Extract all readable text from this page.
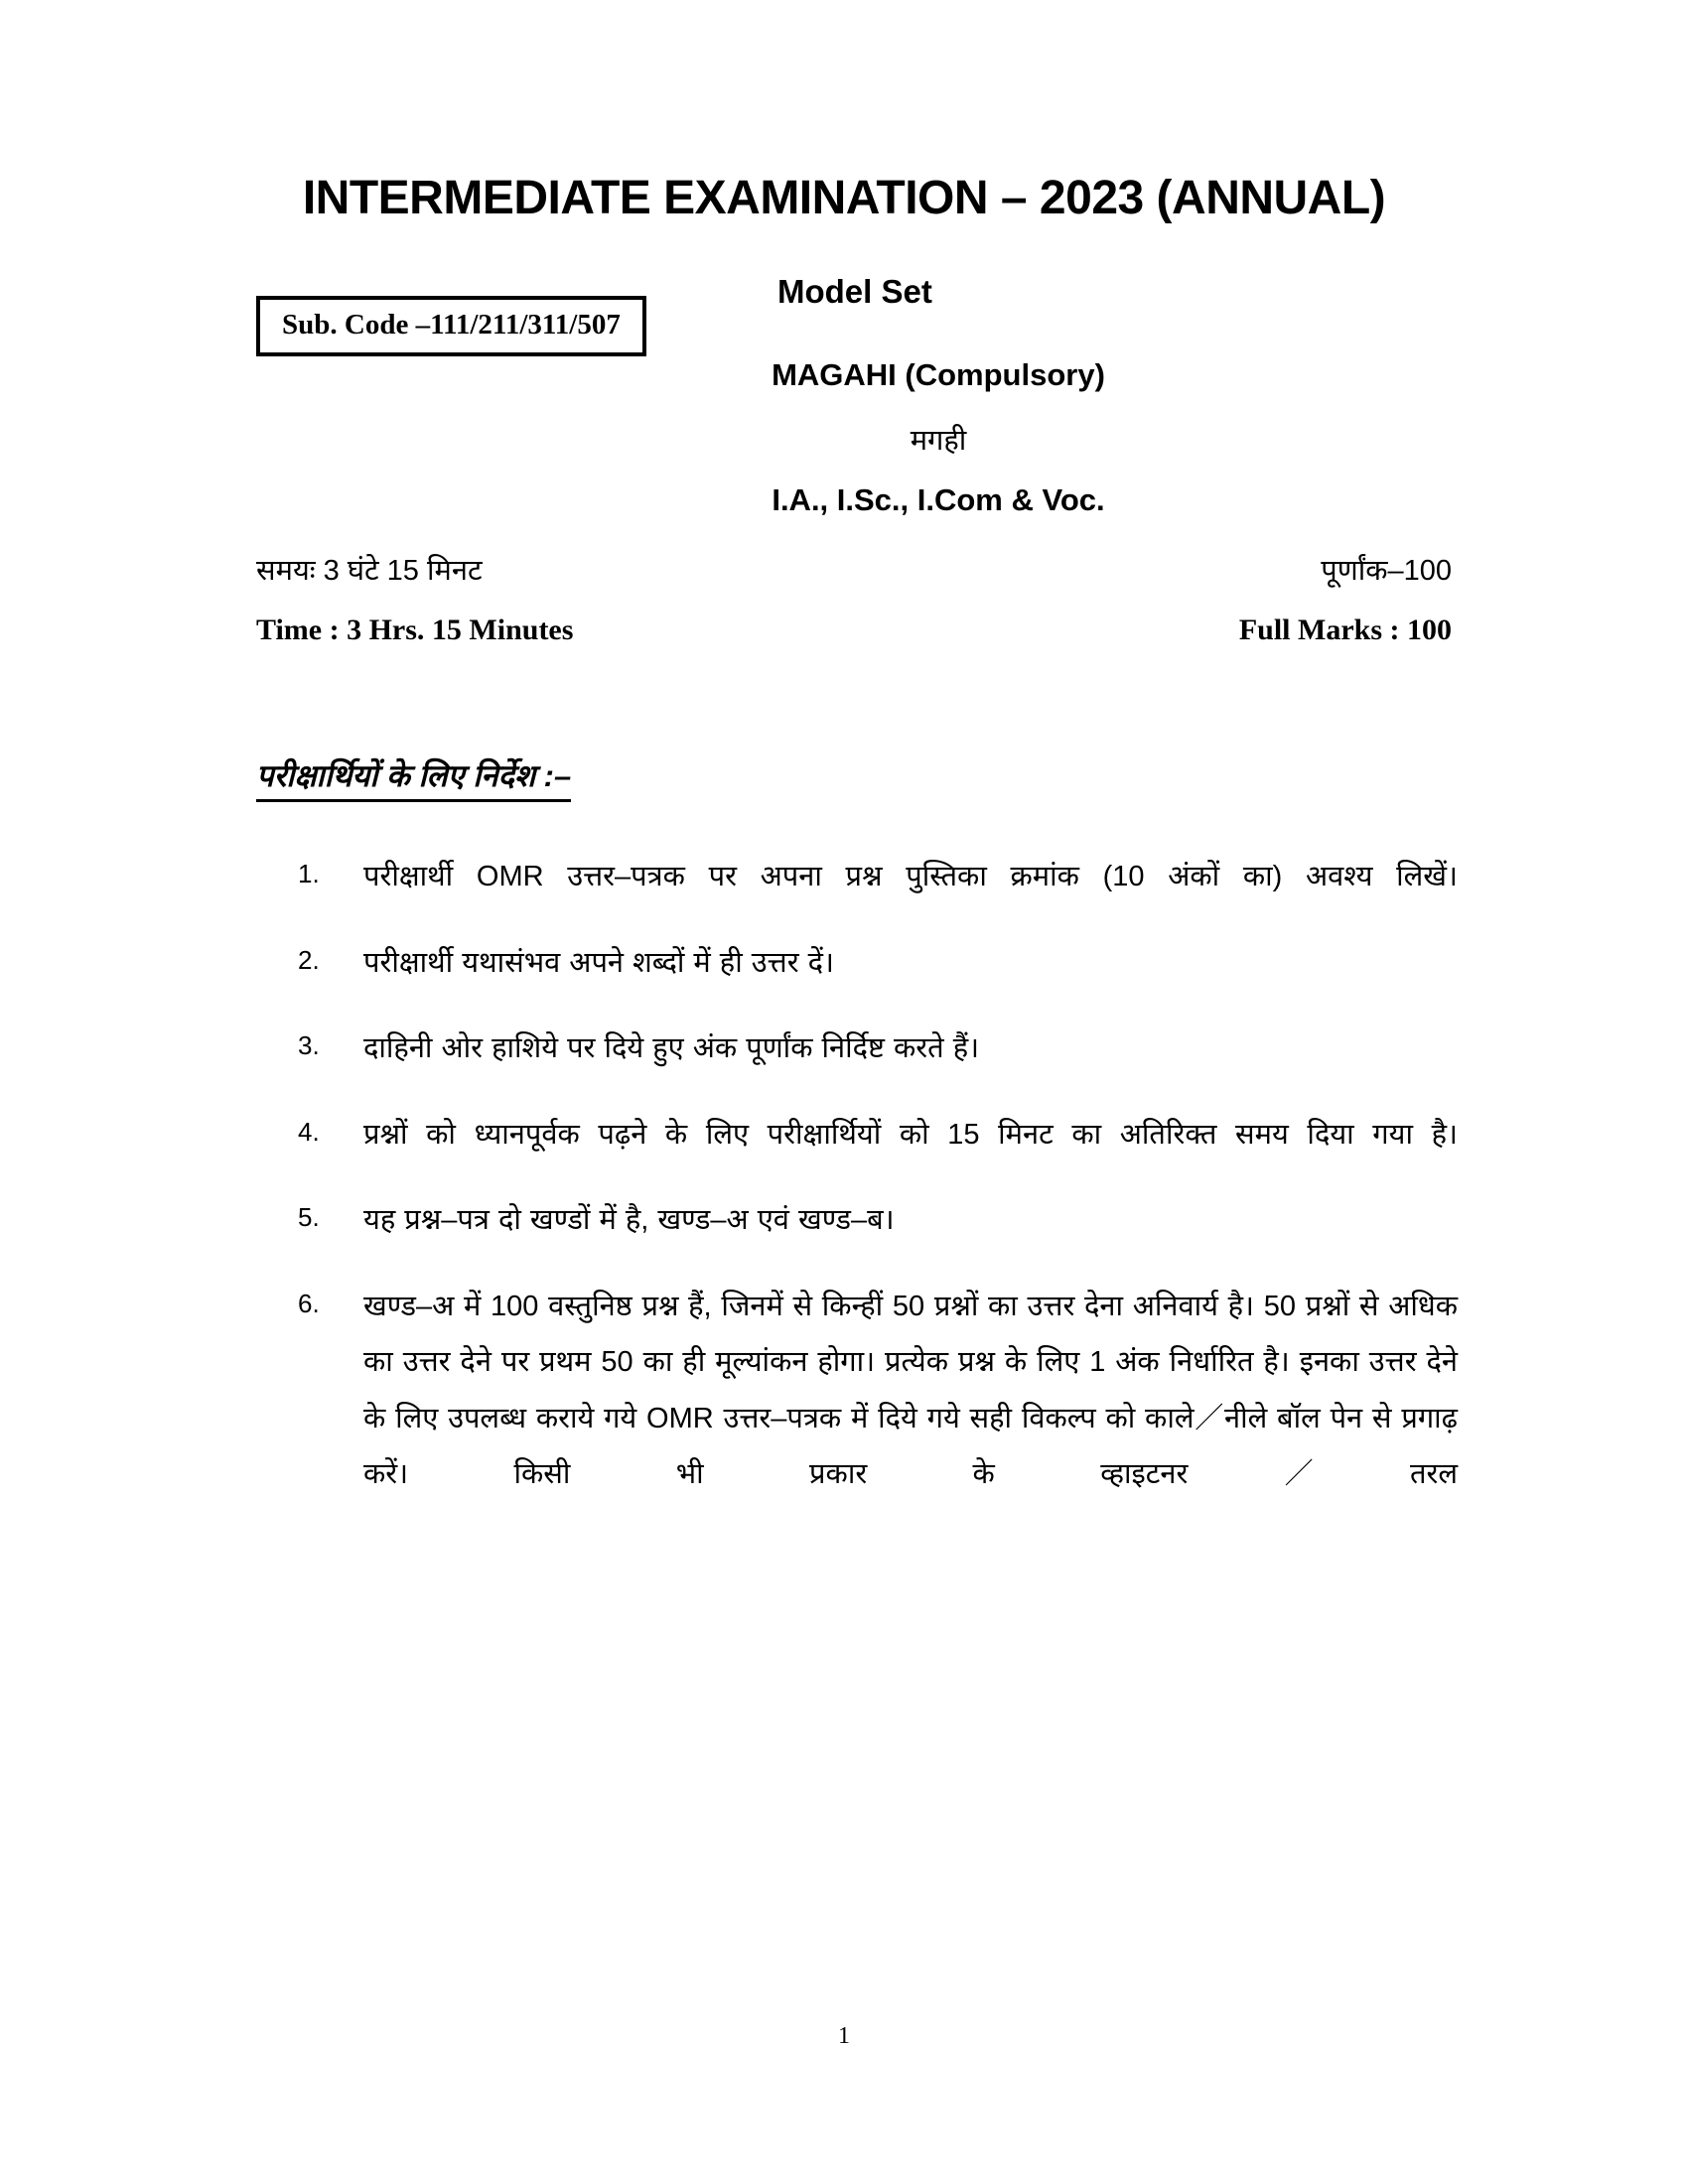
INTERMEDIATE EXAMINATION – 2023 (ANNUAL)
Sub. Code –111/211/311/507
Model Set
MAGAHI (Compulsory)
मगही
I.A., I.Sc., I.Com & Voc.
समयः 3 घंटे 15 मिनट	पूर्णांक–100
Time : 3 Hrs. 15 Minutes	Full Marks : 100
परीक्षार्थियों के लिए निर्देश :–
1.	परीक्षार्थी OMR उत्तर–पत्रक पर अपना प्रश्न पुस्तिका क्रमांक (10 अंकों का) अवश्य लिखें।
2.	परीक्षार्थी यथासंभव अपने शब्दों में ही उत्तर दें।
3.	दाहिनी ओर हाशिये पर दिये हुए अंक पूर्णांक निर्दिष्ट करते हैं।
4.	प्रश्नों को ध्यानपूर्वक पढ़ने के लिए परीक्षार्थियों को 15 मिनट का अतिरिक्त समय दिया गया है।
5.	यह प्रश्न–पत्र दो खण्डों में है, खण्ड–अ एवं खण्ड–ब।
6.	खण्ड–अ में 100 वस्तुनिष्ठ प्रश्न हैं, जिनमें से किन्हीं 50 प्रश्नों का उत्तर देना अनिवार्य है। 50 प्रश्नों से अधिक का उत्तर देने पर प्रथम 50 का ही मूल्यांकन होगा। प्रत्येक प्रश्न के लिए 1 अंक निर्धारित है। इनका उत्तर देने के लिए उपलब्ध कराये गये OMR उत्तर–पत्रक में दिये गये सही विकल्प को काले／नीले बॉल पेन से प्रगाढ़ करें। किसी भी प्रकार के व्हाइटनर／तरल
1
